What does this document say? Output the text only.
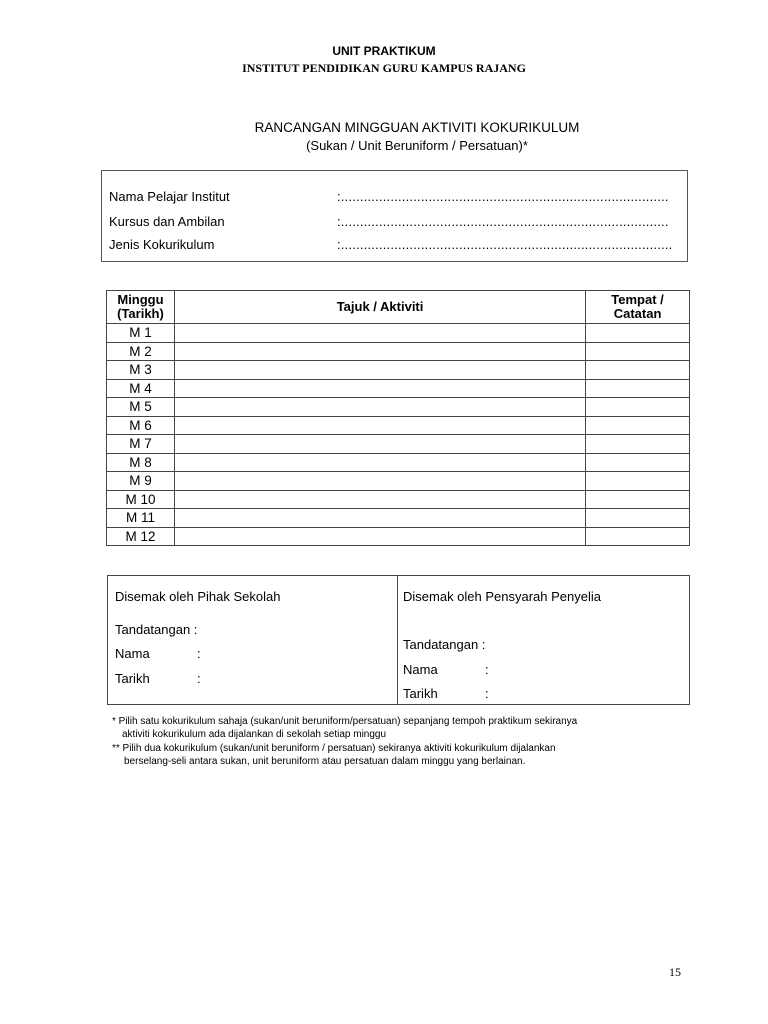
UNIT PRAKTIKUM
INSTITUT PENDIDIKAN GURU KAMPUS RAJANG
RANCANGAN MINGGUAN AKTIVITI KOKURIKULUM
(Sukan / Unit Beruniform / Persatuan)*
Nama Pelajar Institut	:......................................................................................
Kursus dan Ambilan	:......................................................................................
Jenis Kokurikulum	:.......................................................................................
Minggu
(Tarikh)	Tajuk / Aktiviti	Tempat /
Catatan
M 1		
M 2		
M 3		
M 4		
M 5		
M 6		
M 7		
M 8		
M 9		
M 10		
M 11		
M 12		
Disemak oleh Pihak Sekolah
Tandatangan :
Nama	:
Tarikh	:
Disemak oleh Pensyarah Penyelia
Tandatangan :
Nama	:
Tarikh	:
* Pilih satu kokurikulum sahaja (sukan/unit beruniform/persatuan) sepanjang tempoh praktikum sekiranya
aktiviti kokurikulum ada dijalankan di sekolah setiap minggu
** Pilih dua kokurikulum (sukan/unit beruniform / persatuan) sekiranya aktiviti kokurikulum dijalankan
berselang-seli antara sukan, unit beruniform atau persatuan dalam minggu yang berlainan.
15
